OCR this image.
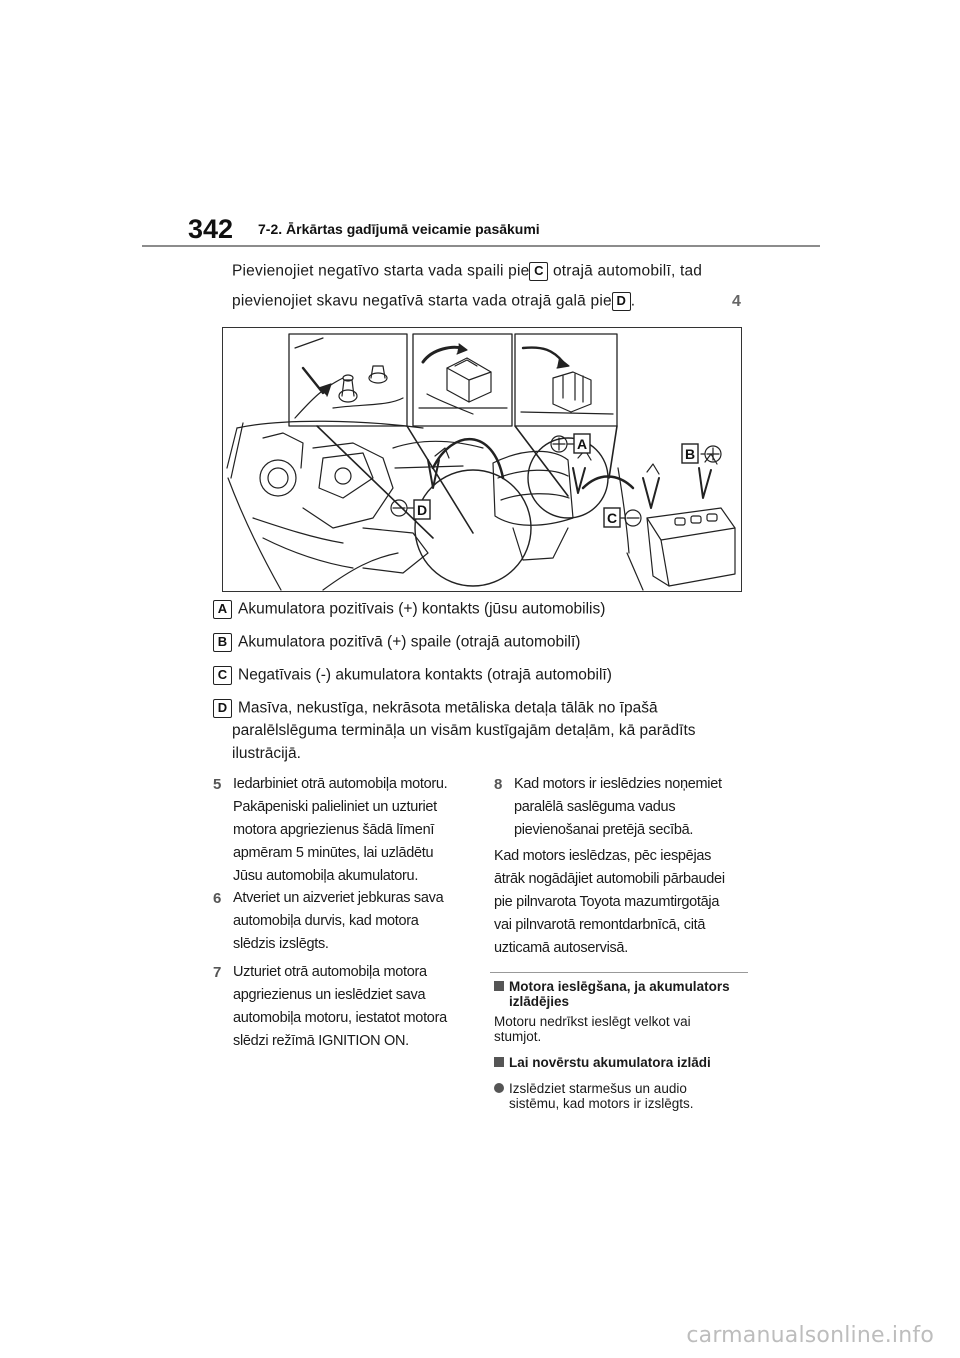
342 7-2. Ārkārtas gadījumā veicamie pasākumi
Pievienojiet negatīvo starta vada spaili pie C otrajā automobilī, tad
pievienojiet skavu negatīvā starta vada otrajā galā pie D .	4
A
B
C
D
A Akumulatora pozitīvais (+) kontakts (jūsu automobilis)
B Akumulatora pozitīvā (+) spaile (otrajā automobilī)
C Negatīvais (-) akumulatora kontakts (otrajā automobilī)
D Masīva, nekustīga, nekrāsota metāliska detaļa tālāk no īpašā
paralēlslēguma termināļa un visām kustīgajām detaļām, kā parādīts
ilustrācijā.
5 Iedarbiniet otrā automobiļa motoru.
Pakāpeniski palieliniet un uzturiet
motora apgriezienus šādā līmenī
apmēram 5 minūtes, lai uzlādētu
Jūsu automobiļa akumulatoru.
6 Atveriet un aizveriet jebkuras sava
automobiļa durvis, kad motora
slēdzis izslēgts.
7 Uzturiet otrā automobiļa motora
apgriezienus un ieslēdziet sava
automobiļa motoru, iestatot motora
slēdzi režīmā IGNITION ON.
8 Kad motors ir ieslēdzies noņemiet
paralēlā saslēguma vadus
pievienošanai pretējā secībā.
Kad motors ieslēdzas, pēc iespējas
ātrāk nogādājiet automobili pārbaudei
pie pilnvarota Toyota mazumtirgotāja
vai pilnvarotā remontdarbnīcā, citā
uzticamā autoservisā.
Motora ieslēgšana, ja akumulators
izlādējies
Motoru nedrīkst ieslēgt velkot vai
stumjot.
Lai novērstu akumulatora izlādi
Izslēdziet starmešus un audio
sistēmu, kad motors ir izslēgts.
carmanualsonline.info
